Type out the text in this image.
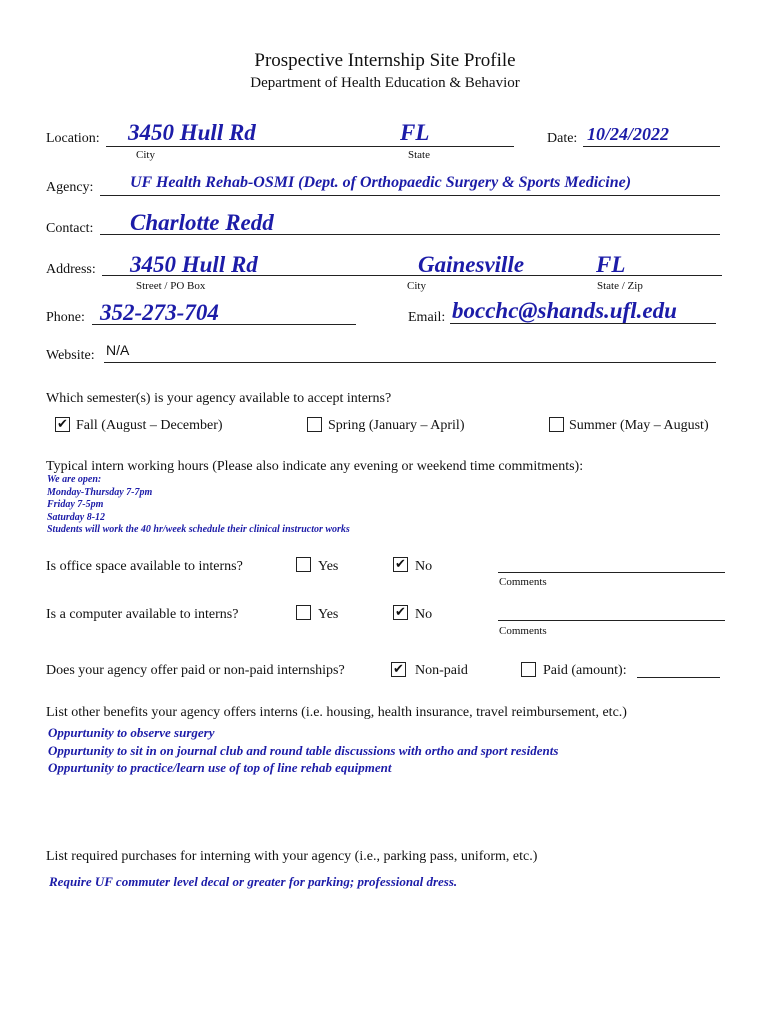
Prospective Internship Site Profile
Department of Health Education & Behavior
Location: 3450 Hull Rd	FL
City	State
Date: 10/24/2022
Agency: UF Health Rehab-OSMI (Dept. of Orthopaedic Surgery & Sports Medicine)
Contact: Charlotte Redd
Address: 3450 Hull Rd	Gainesville	FL
Street / PO Box	City	State / Zip
Phone: 352-273-704	Email: bocchc@shands.ufl.edu
Website: N/A
Which semester(s) is your agency available to accept interns?
✔ Fall (August – December)	Spring (January – April)	Summer (May – August)
Typical intern working hours (Please also indicate any evening or weekend time commitments):
We are open:
Monday-Thursday 7-7pm
Friday 7-5pm
Saturday 8-12
Students will work the 40 hr/week schedule their clinical instructor works
Is office space available to interns?	Yes	✔ No
Comments
Is a computer available to interns?	Yes	✔ No
Comments
Does your agency offer paid or non-paid internships?	✔ Non-paid	Paid (amount):
List other benefits your agency offers interns (i.e. housing, health insurance, travel reimbursement, etc.)
Oppurtunity to observe surgery
Oppurtunity to sit in on journal club and round table discussions with ortho and sport residents
Oppurtunity to practice/learn use of top of line rehab equipment
List required purchases for interning with your agency (i.e., parking pass, uniform, etc.)
Require UF commuter level decal or greater for parking; professional dress.
